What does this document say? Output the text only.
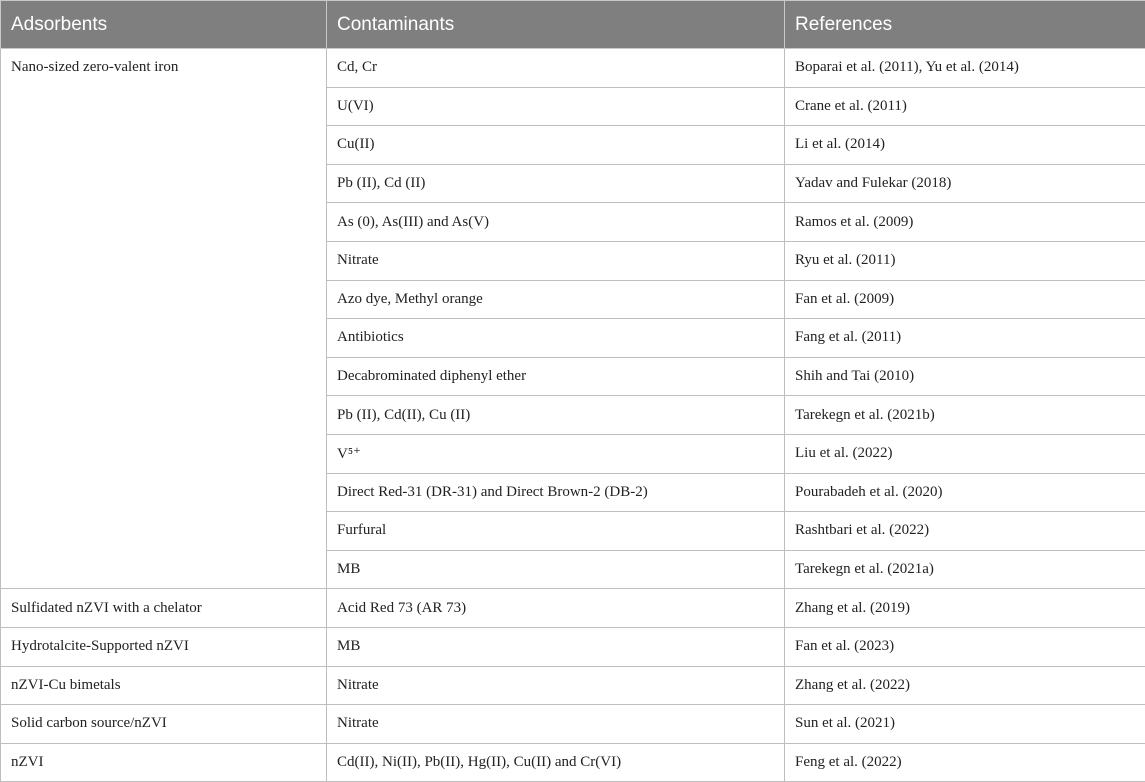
Adsorbents	Contaminants	References
Nano-sized zero-valent iron	Cd, Cr	Boparai et al. (2011), Yu et al. (2014)
	U(VI)	Crane et al. (2011)
	Cu(II)	Li et al. (2014)
	Pb (II), Cd (II)	Yadav and Fulekar (2018)
	As (0), As(III) and As(V)	Ramos et al. (2009)
	Nitrate	Ryu et al. (2011)
	Azo dye, Methyl orange	Fan et al. (2009)
	Antibiotics	Fang et al. (2011)
	Decabrominated diphenyl ether	Shih and Tai (2010)
	Pb (II), Cd(II), Cu (II)	Tarekegn et al. (2021b)
	V⁵⁺	Liu et al. (2022)
	Direct Red-31 (DR-31) and Direct Brown-2 (DB-2)	Pourabadeh et al. (2020)
	Furfural	Rashtbari et al. (2022)
	MB	Tarekegn et al. (2021a)
Sulfidated nZVI with a chelator	Acid Red 73 (AR 73)	Zhang et al. (2019)
Hydrotalcite-Supported nZVI	MB	Fan et al. (2023)
nZVI-Cu bimetals	Nitrate	Zhang et al. (2022)
Solid carbon source/nZVI	Nitrate	Sun et al. (2021)
nZVI	Cd(II), Ni(II), Pb(II), Hg(II), Cu(II) and Cr(VI)	Feng et al. (2022)
